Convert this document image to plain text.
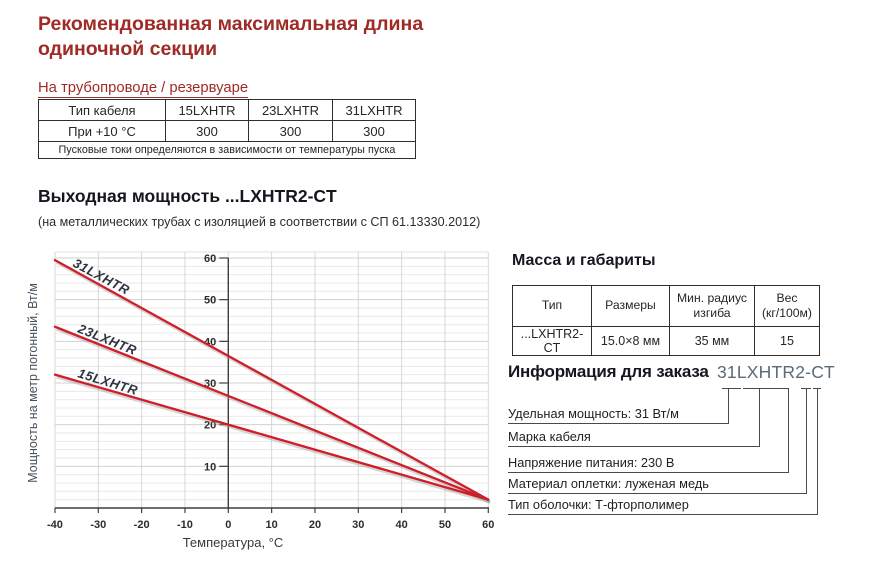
Рекомендованная максимальная длина
одиночной секции
На трубопроводе / резервуаре
Тип кабеля	15LXHTR	23LXHTR	31LXHTR
При +10 °C	300	300	300
Пусковые токи определяются в зависимости от температуры пуска			
Выходная мощность ...LXHTR2-CT
(на металлических трубах с изоляцией в соответствии с СП 61.13330.2012)
10
20
30
40
50
60
-40 -30 -20 -10	0	10	20	30	40	50	60
31LXHTR
23LXHTR
15LXHTR
Мощность на метр погонный, Вт/м
Температура, °C
Масса и габариты
Тип	Размеры	Мин. радиус изгиба	Вес (кг/100м)
...LXHTR2-CT	15.0×8 мм	35 мм	15
Информация для заказа 31LXHTR2-CT
Удельная мощность: 31 Вт/м
Марка кабеля
Напряжение питания: 230 В
Материал оплетки: луженая медь
Тип оболочки: Т-фторполимер
